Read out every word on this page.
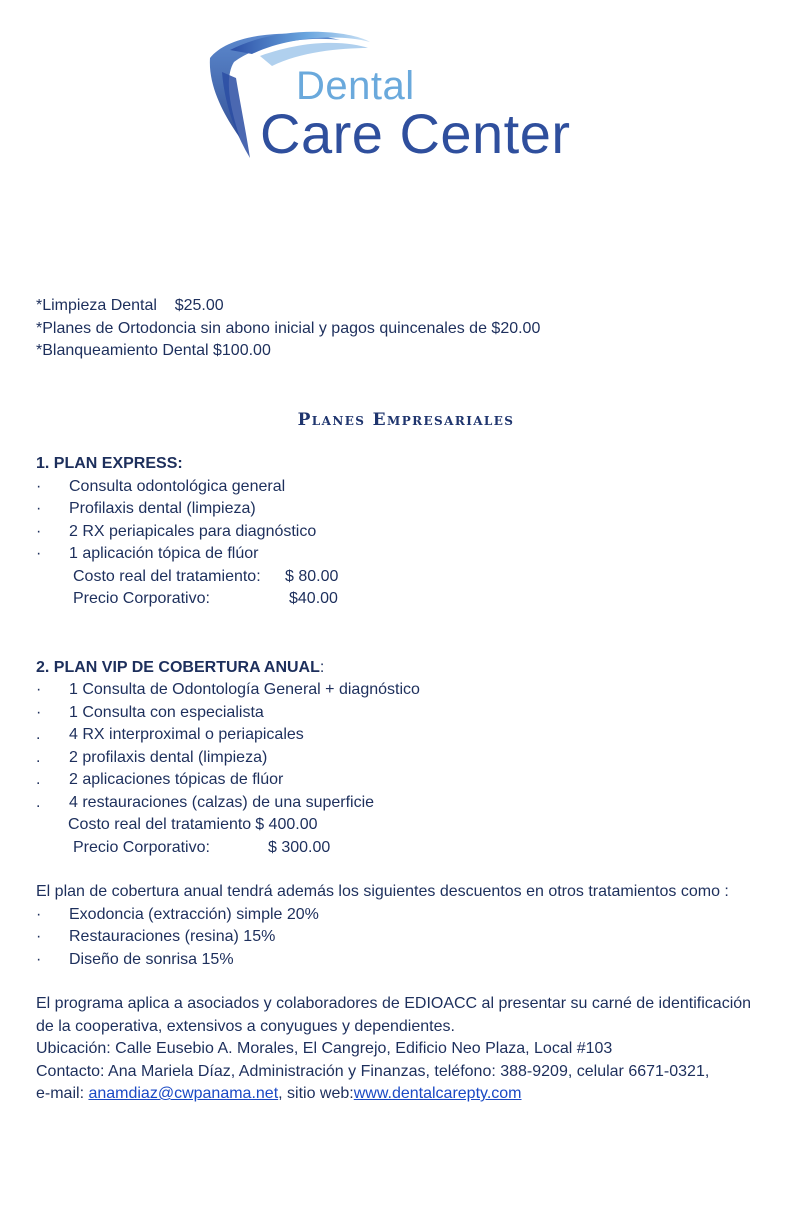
Dental
Care Center
*Limpieza Dental    $25.00
*Planes de Ortodoncia sin abono inicial y pagos quincenales de $20.00
*Blanqueamiento Dental $100.00
Planes Empresariales
1. PLAN EXPRESS:
·	Consulta odontológica general
·	Profilaxis dental (limpieza)
·	2 RX periapicales para diagnóstico
·	1 aplicación tópica de flúor
Costo real del tratamiento:	$ 80.00
Precio Corporativo:	$40.00
2. PLAN VIP DE COBERTURA ANUAL:
·	1 Consulta de Odontología General + diagnóstico
·	1 Consulta con especialista
.	4 RX interproximal o periapicales
.	2 profilaxis dental (limpieza)
.	2 aplicaciones tópicas de flúor
.	4 restauraciones (calzas) de una superficie
Costo real del tratamiento $ 400.00
Precio Corporativo:	$ 300.00
El plan de cobertura anual tendrá además los siguientes descuentos en otros tratamientos como :
·	Exodoncia (extracción) simple 20%
·	Restauraciones (resina) 15%
·	Diseño de sonrisa 15%
El programa aplica a asociados y colaboradores de EDIOACC al presentar su carné de identificación
de la cooperativa, extensivos a conyugues y dependientes.
Ubicación: Calle Eusebio A. Morales, El Cangrejo, Edificio Neo Plaza, Local #103
Contacto: Ana Mariela Díaz, Administración y Finanzas, teléfono: 388-9209, celular 6671-0321,
e-mail: anamdiaz@cwpanama.net, sitio web:www.dentalcarepty.com
